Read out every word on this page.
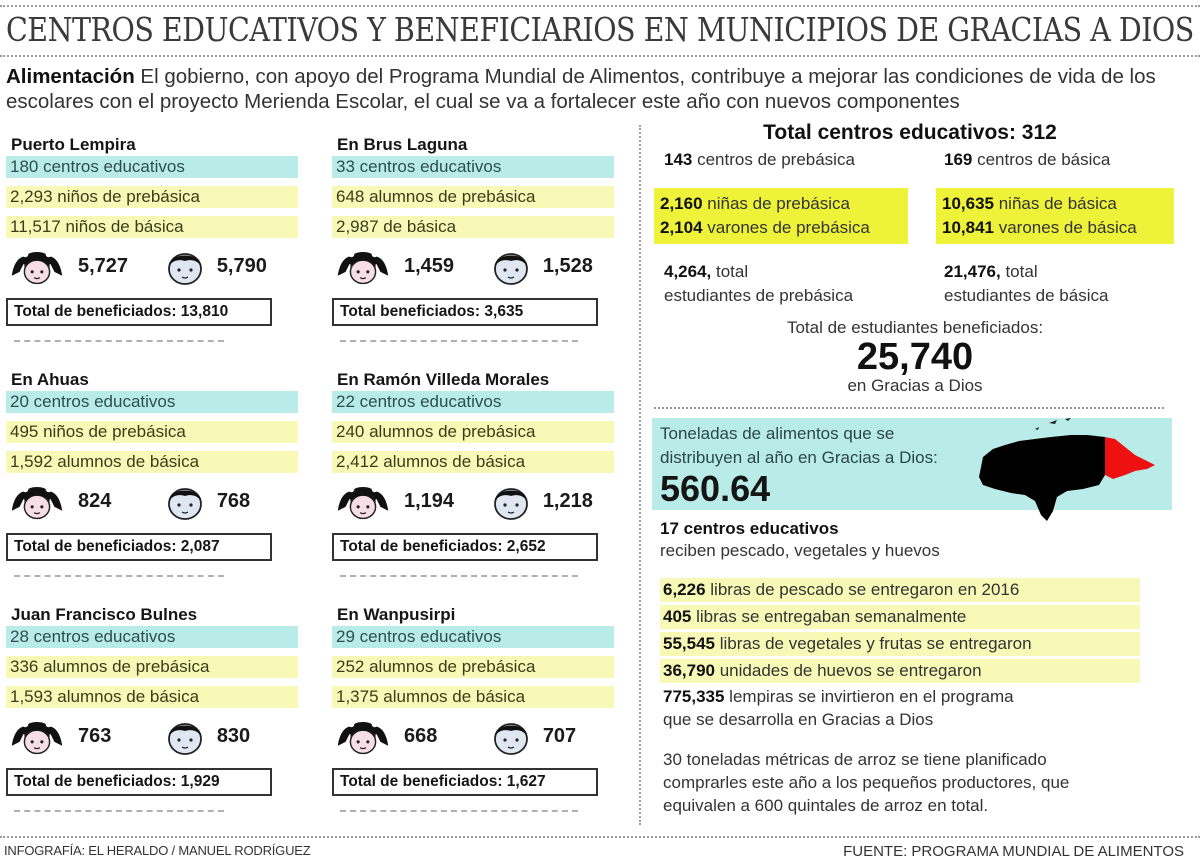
CENTROS EDUCATIVOS Y BENEFICIARIOS EN MUNICIPIOS DE GRACIAS A DIOS
Alimentación El gobierno, con apoyo del Programa Mundial de Alimentos, contribuye a mejorar las condiciones de vida de los escolares con el proyecto Merienda Escolar, el cual se va a fortalecer este año con nuevos componentes
Puerto Lempira
180 centros educativos
2,293 niños de prebásica
11,517 niños de básica
5,727	5,790
Total de beneficiados: 13,810
En Brus Laguna
33 centros educativos
648 alumnos de prebásica
2,987 de básica
1,459	1,528
Total beneficiados: 3,635
En Ahuas
20 centros educativos
495 niños de prebásica
1,592 alumnos de básica
824	768
Total de beneficiados: 2,087
En Ramón Villeda Morales
22 centros educativos
240 alumnos de prebásica
2,412 alumnos de básica
1,194	1,218
Total de beneficiados: 2,652
Juan Francisco Bulnes
28 centros educativos
336 alumnos de prebásica
1,593 alumnos de básica
763	830
Total de beneficiados: 1,929
En Wanpusirpi
29 centros educativos
252 alumnos de prebásica
1,375 alumnos de básica
668	707
Total de beneficiados: 1,627
Total centros educativos: 312
143 centros de prebásica	169 centros de básica
2,160 niñas de prebásica
2,104 varones de prebásica
10,635 niñas de básica
10,841 varones de básica
4,264, total
estudiantes de prebásica
21,476, total
estudiantes de básica
Total de estudiantes beneficiados:
25,740
en Gracias a Dios
Toneladas de alimentos que se
distribuyen al año en Gracias a Dios:
560.64
17 centros educativos
reciben pescado, vegetales y huevos
6,226 libras de pescado se entregaron en 2016
405 libras se entregaban semanalmente
55,545 libras de vegetales y frutas se entregaron
36,790 unidades de huevos se entregaron
775,335 lempiras se invirtieron en el programa
que se desarrolla en Gracias a Dios
30 toneladas métricas de arroz se tiene planificado
comprarles este año a los pequeños productores, que
equivalen a 600 quintales de arroz en total.
INFOGRAFÍA: EL HERALDO / MANUEL RODRÍGUEZ	FUENTE: PROGRAMA MUNDIAL DE ALIMENTOS
